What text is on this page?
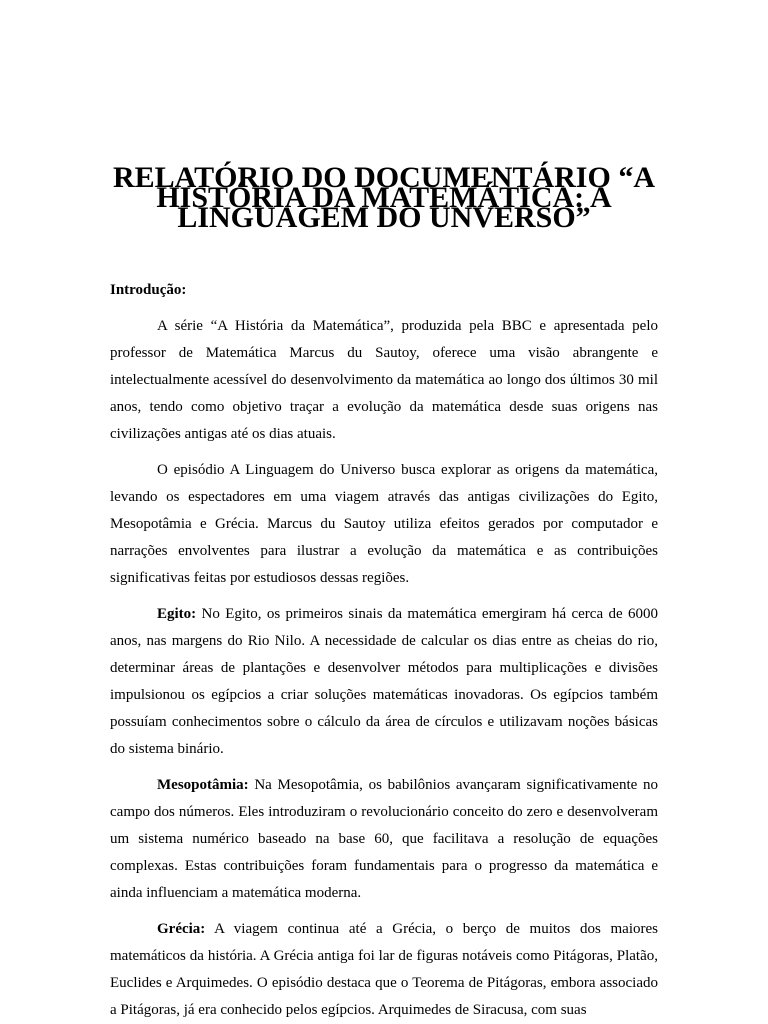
RELATÓRIO DO DOCUMENTÁRIO “A HISTÓRIA DA MATEMÁTICA: A LINGUAGEM DO UNVERSO”
Introdução:

A série “A História da Matemática”, produzida pela BBC e apresentada pelo professor de Matemática Marcus du Sautoy, oferece uma visão abrangente e intelectualmente acessível do desenvolvimento da matemática ao longo dos últimos 30 mil anos, tendo como objetivo traçar a evolução da matemática desde suas origens nas civilizações antigas até os dias atuais.

O episódio A Linguagem do Universo busca explorar as origens da matemática, levando os espectadores em uma viagem através das antigas civilizações do Egito, Mesopotâmia e Grécia. Marcus du Sautoy utiliza efeitos gerados por computador e narrações envolventes para ilustrar a evolução da matemática e as contribuições significativas feitas por estudiosos dessas regiões.

Egito: No Egito, os primeiros sinais da matemática emergiram há cerca de 6000 anos, nas margens do Rio Nilo. A necessidade de calcular os dias entre as cheias do rio, determinar áreas de plantações e desenvolver métodos para multiplicações e divisões impulsionou os egípcios a criar soluções matemáticas inovadoras. Os egípcios também possuíam conhecimentos sobre o cálculo da área de círculos e utilizavam noções básicas do sistema binário.

Mesopotâmia: Na Mesopotâmia, os babilônios avançaram significativamente no campo dos números. Eles introduziram o revolucionário conceito do zero e desenvolveram um sistema numérico baseado na base 60, que facilitava a resolução de equações complexas. Estas contribuições foram fundamentais para o progresso da matemática e ainda influenciam a matemática moderna.

Grécia: A viagem continua até a Grécia, o berço de muitos dos maiores matemáticos da história. A Grécia antiga foi lar de figuras notáveis como Pitágoras, Platão, Euclides e Arquimedes. O episódio destaca que o Teorema de Pitágoras, embora associado a Pitágoras, já era conhecido pelos egípcios. Arquimedes de Siracusa, com suas
